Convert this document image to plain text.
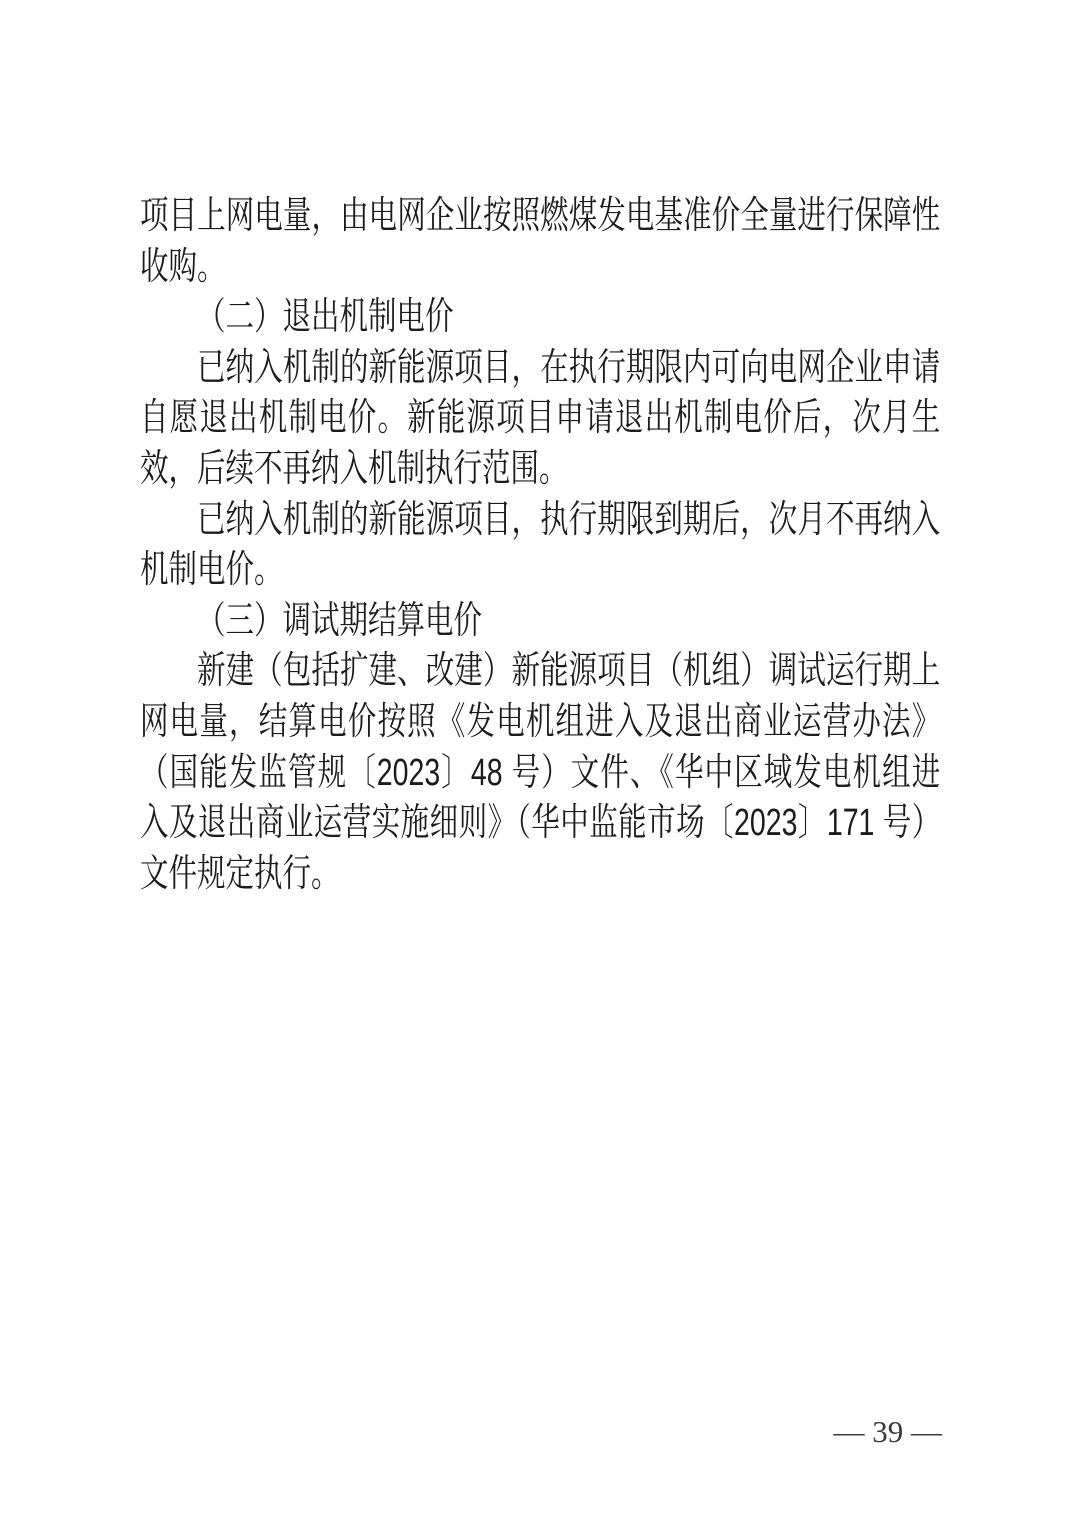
项目上网电量，由电网企业按照燃煤发电基准价全量进行保障性收购。

（二）退出机制电价

已纳入机制的新能源项目，在执行期限内可向电网企业申请自愿退出机制电价。新能源项目申请退出机制电价后，次月生效，后续不再纳入机制执行范围。

已纳入机制的新能源项目，执行期限到期后，次月不再纳入机制电价。

（三）调试期结算电价

新建（包括扩建、改建）新能源项目（机组）调试运行期上网电量，结算电价按照《发电机组进入及退出商业运营办法》（国能发监管规〔2023〕48 号）文件、《华中区域发电机组进入及退出商业运营实施细则》（华中监能市场〔2023〕171 号）文件规定执行。

— 39 —
